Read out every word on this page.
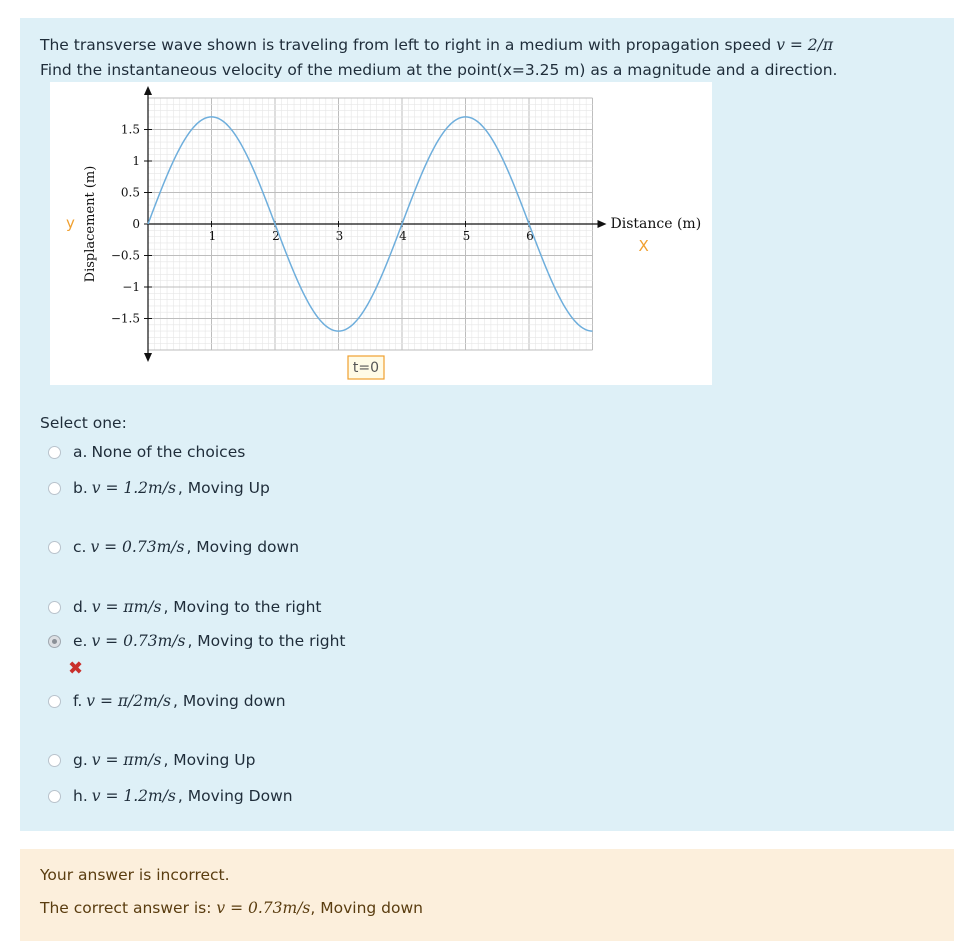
The transverse wave shown is traveling from left to right in a medium with propagation speed v = 2/π
Find the instantaneous velocity of the medium at the point(x=3.25 m) as a magnitude and a direction.
1	2	3	4	5	6
1.5
1
0.5
0
−0.5
−1
−1.5
Distance (m)
Displacement (m)
y
X
t=0
Select one:
a. None of the choices
b. v = 1.2m/s , Moving Up
c. v = 0.73m/s , Moving down
d. v = πm/s , Moving to the right
e. v = 0.73m/s , Moving to the right
f. v = π/2m/s , Moving down
g. v = πm/s , Moving Up
h. v = 1.2m/s , Moving Down
✖
Your answer is incorrect.
The correct answer is: v = 0.73m/s, Moving down
